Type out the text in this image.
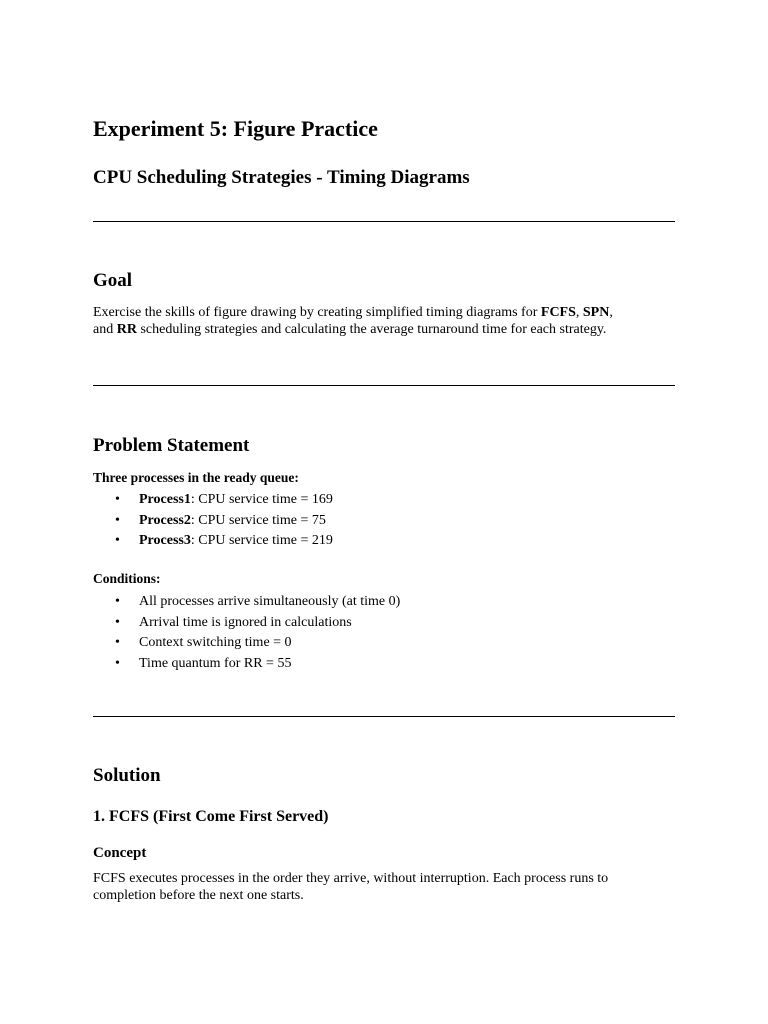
Experiment 5: Figure Practice
CPU Scheduling Strategies - Timing Diagrams
Goal

Exercise the skills of figure drawing by creating simplified timing diagrams for FCFS, SPN,
and RR scheduling strategies and calculating the average turnaround time for each strategy.

Problem Statement
Three processes in the ready queue:
• Process1: CPU service time = 169
• Process2: CPU service time = 75
• Process3: CPU service time = 219
Conditions:
• All processes arrive simultaneously (at time 0)
• Arrival time is ignored in calculations
• Context switching time = 0
• Time quantum for RR = 55
Solution
1. FCFS (First Come First Served)
Concept

FCFS executes processes in the order they arrive, without interruption. Each process runs to
completion before the next one starts.
